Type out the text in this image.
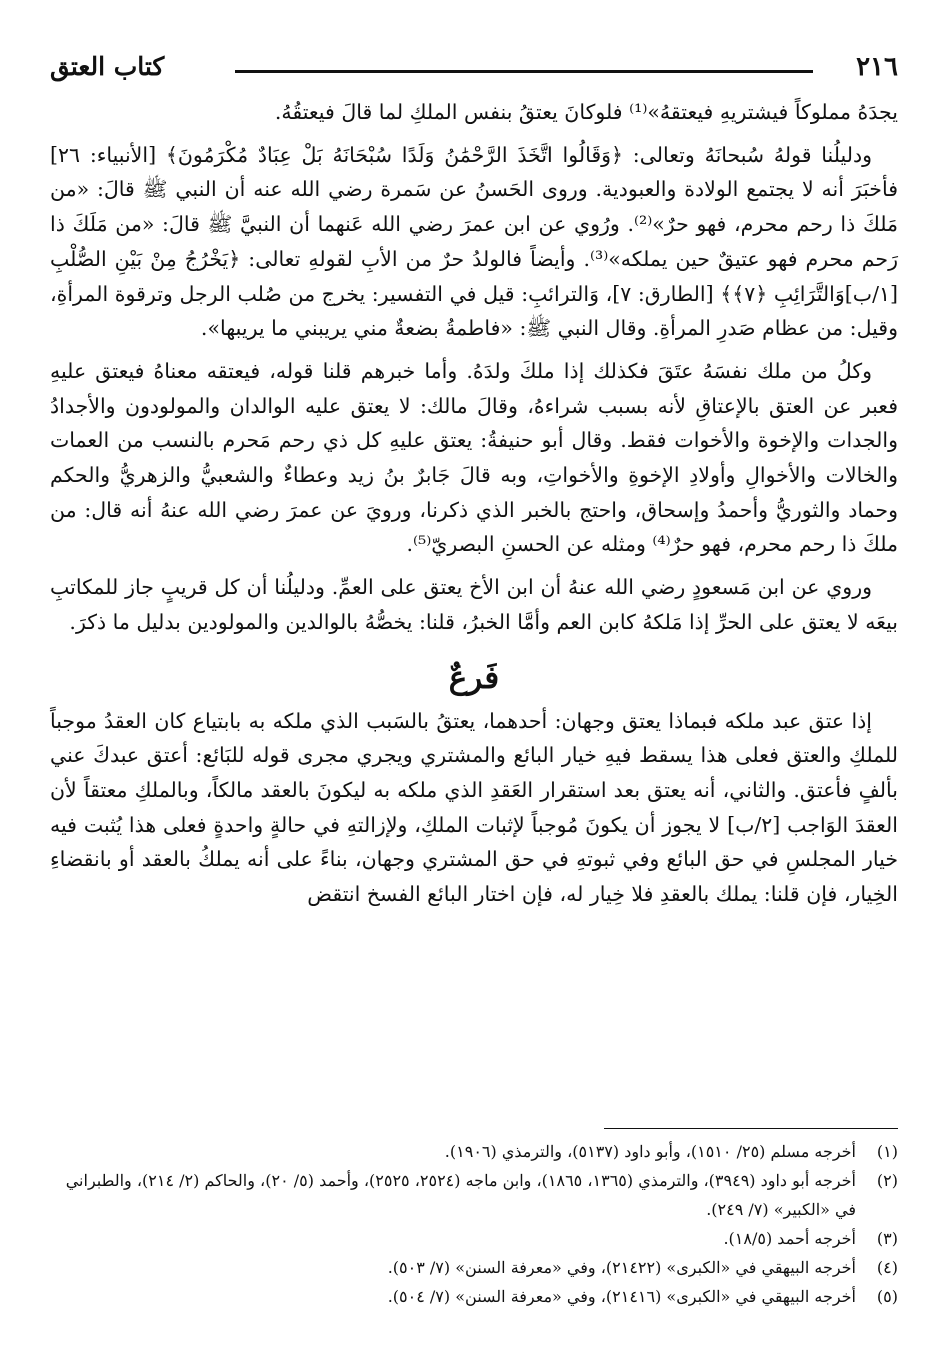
٢١٦
كتاب العتق

يجدَهُ مملوكاً فيشتريهِ فيعتقهُ»⁽¹⁾ فلوكانَ يعتقُ بنفس الملكِ لما قالَ فيعتقُهُ.

ودليلُنا قولهُ سُبحانَهُ وتعالى: ﴿وَقَالُوا اتَّخَذَ الرَّحْمَٰنُ وَلَدًا سُبْحَانَهُ بَلْ عِبَادٌ مُكْرَمُونَ﴾ [الأنبياء: ٢٦] فأخبَرَ أنه لا يجتمع الولادة والعبودية. وروى الحَسنُ عن سَمرة رضي الله عنه أن النبي ﷺ قالَ: «من مَلكَ ذا رحم محرم، فهو حرٌ»⁽²⁾. ورُوي عن ابن عمرَ رضي الله عَنهما أن النبيَّ ﷺ قالَ: «من مَلَكَ ذا رَحم محرم فهو عتيقٌ حين يملكه»⁽³⁾. وأيضاً فالولدُ حرٌ من الأبِ لقولهِ تعالى: ﴿يَخْرُجُ مِنْ بَيْنِ الصُّلْبِ [١/ب]وَالتَّرَائِبِ ﴿٧﴾﴾ [الطارق: ٧]، وَالترائبِ: قيل في التفسير: يخرج من صُلب الرجل وترقوة المرأةِ، وقيل: من عظام صَدرِ المرأةِ. وقال النبي ﷺ: «فاطمةُ بضعةٌ مني يريبني ما يريبها».

وكلُ من ملك نفسَهُ عتَقَ فكذلك إذا ملكَ ولدَهُ. وأما خبرهم قلنا قوله، فيعتقه معناهُ فيعتق عليهِ فعبر عن العتق بالإعتاقِ لأنه بسبب شراءهُ، وقالَ مالك: لا يعتق عليه الوالدان والمولودون والأجدادُ والجدات والإخوة والأخوات فقط. وقال أبو حنيفةُ: يعتق عليهِ كل ذي رحم مَحرم بالنسب من العمات والخالات والأخوالِ وأولادِ الإخوةِ والأخواتِ، وبه قالَ جَابرٌ بنُ زيد وعطاءٌ والشعبيُّ والزهريُّ والحكم وحماد والثوريُّ وأحمدُ وإسحاق، واحتج بالخبر الذي ذكرنا، ورويَ عن عمرَ رضي الله عنهُ أنه قال: من ملكَ ذا رحم محرم، فهو حرٌ⁽⁴⁾ ومثله عن الحسنِ البصريّ⁽⁵⁾.

وروي عن ابن مَسعودٍ رضي الله عنهُ أن ابن الأخ يعتق على العمِّ. ودليلُنا أن كل قريبٍ جاز للمكاتبِ بيعَه لا يعتق على الحرِّ إذا مَلكهُ كابن العم وأمَّا الخبرُ، قلنا: يخصُّهُ بالوالدين والمولودين بدليل ما ذكرَ.

فَرعٌ

إذا عتق عبد ملكه فبماذا يعتق وجهان: أحدهما، يعتقُ بالسَبب الذي ملكه به بابتياع كان العقدُ موجباً للملكِ والعتق فعلى هذا يسقط فيهِ خيار البائع والمشتري ويجري مجرى قوله للبَائع: أعتق عبدكَ عني بألفٍ فأعتق. والثاني، أنه يعتق بعد استقرار العَقدِ الذي ملكه به ليكونَ بالعقد مالكاً، وبالملكِ معتقاً لأن العقدَ الوَاجب [٢/ب] لا يجوز أن يكونَ مُوجباً لإثبات الملكِ، ولإزالتهِ في حالةٍ واحدةٍ فعلى هذا يُثبت فيه خيار المجلسِ في حق البائع وفي ثبوتهِ في حق المشتري وجهان، بناءً على أنه يملكُ بالعقد أو بانقضاءِ الخِيار، فإن قلنا: يملك بالعقدِ فلا خِيار له، فإن اختار البائع الفسخ انتقض

(١)
أخرجه مسلم (٢٥/ ١٥١٠)، وأبو داود (٥١٣٧)، والترمذي (١٩٠٦).

(٢)
أخرجه أبو داود (٣٩٤٩)، والترمذي (١٣٦٥، ١٨٦٥)، وابن ماجه (٢٥٢٤، ٢٥٢٥)، وأحمد (٥/ ٢٠)، والحاكم (٢/ ٢١٤)، والطبراني في «الكبير» (٧/ ٢٤٩).

(٣)
أخرجه أحمد (١٨/٥).

(٤)
أخرجه البيهقي في «الكبرى» (٢١٤٢٢)، وفي «معرفة السنن» (٧/ ٥٠٣).

(٥)
أخرجه البيهقي في «الكبرى» (٢١٤١٦)، وفي «معرفة السنن» (٧/ ٥٠٤).
